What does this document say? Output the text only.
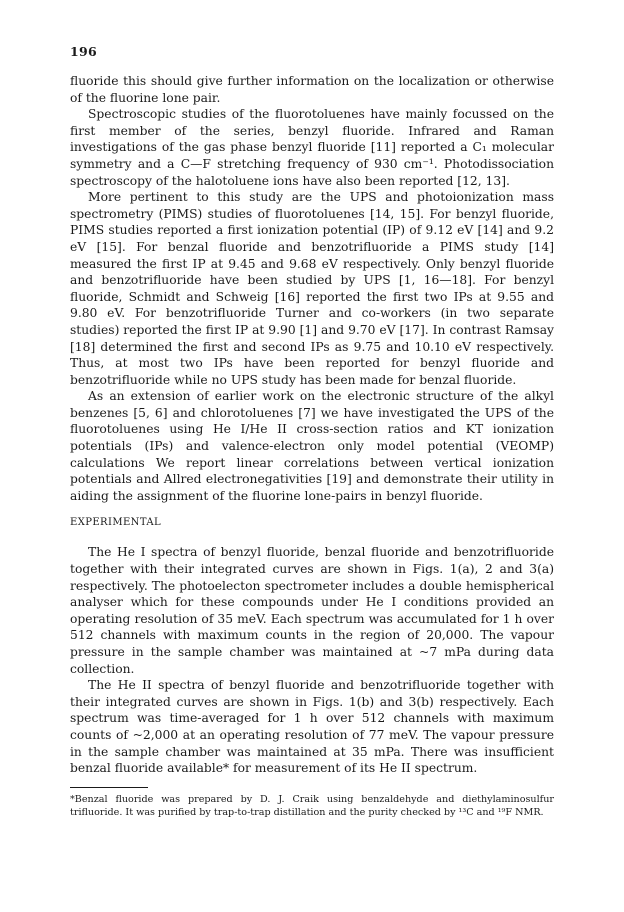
196

fluoride this should give further information on the localization or otherwise of the fluorine lone pair.

Spectroscopic studies of the fluorotoluenes have mainly focussed on the first member of the series, benzyl fluoride. Infrared and Raman investigations of the gas phase benzyl fluoride [11] reported a C₁ molecular symmetry and a C—F stretching frequency of 930 cm⁻¹. Photodissociation spectroscopy of the halotoluene ions have also been reported [12, 13].

More pertinent to this study are the UPS and photoionization mass spectrometry (PIMS) studies of fluorotoluenes [14, 15]. For benzyl fluoride, PIMS studies reported a first ionization potential (IP) of 9.12 eV [14] and 9.2 eV [15]. For benzal fluoride and benzotrifluoride a PIMS study [14] measured the first IP at 9.45 and 9.68 eV respectively. Only benzyl fluoride and benzotrifluoride have been studied by UPS [1, 16—18]. For benzyl fluoride, Schmidt and Schweig [16] reported the first two IPs at 9.55 and 9.80 eV. For benzotrifluoride Turner and co-workers (in two separate studies) reported the first IP at 9.90 [1] and 9.70 eV [17]. In contrast Ramsay [18] determined the first and second IPs as 9.75 and 10.10 eV respectively. Thus, at most two IPs have been reported for benzyl fluoride and benzotrifluoride while no UPS study has been made for benzal fluoride.

As an extension of earlier work on the electronic structure of the alkyl benzenes [5, 6] and chlorotoluenes [7] we have investigated the UPS of the fluorotoluenes using He I/He II cross-section ratios and KT ionization potentials (IPs) and valence-electron only model potential (VEOMP) calculations We report linear correlations between vertical ionization potentials and Allred electronegativities [19] and demonstrate their utility in aiding the assignment of the fluorine lone-pairs in benzyl fluoride.

EXPERIMENTAL

The He I spectra of benzyl fluoride, benzal fluoride and benzotrifluoride together with their integrated curves are shown in Figs. 1(a), 2 and 3(a) respectively. The photoelecton spectrometer includes a double hemispherical analyser which for these compounds under He I conditions provided an operating resolution of 35 meV. Each spectrum was accumulated for 1 h over 512 channels with maximum counts in the region of 20,000. The vapour pressure in the sample chamber was maintained at ~7 mPa during data collection.

The He II spectra of benzyl fluoride and benzotrifluoride together with their integrated curves are shown in Figs. 1(b) and 3(b) respectively. Each spectrum was time-averaged for 1 h over 512 channels with maximum counts of ~2,000 at an operating resolution of 77 meV. The vapour pressure in the sample chamber was maintained at 35 mPa. There was insufficient benzal fluoride available* for measurement of its He II spectrum.

*Benzal fluoride was prepared by D. J. Craik using benzaldehyde and diethylaminosulfur trifluoride. It was purified by trap-to-trap distillation and the purity checked by ¹³C and ¹⁹F NMR.
